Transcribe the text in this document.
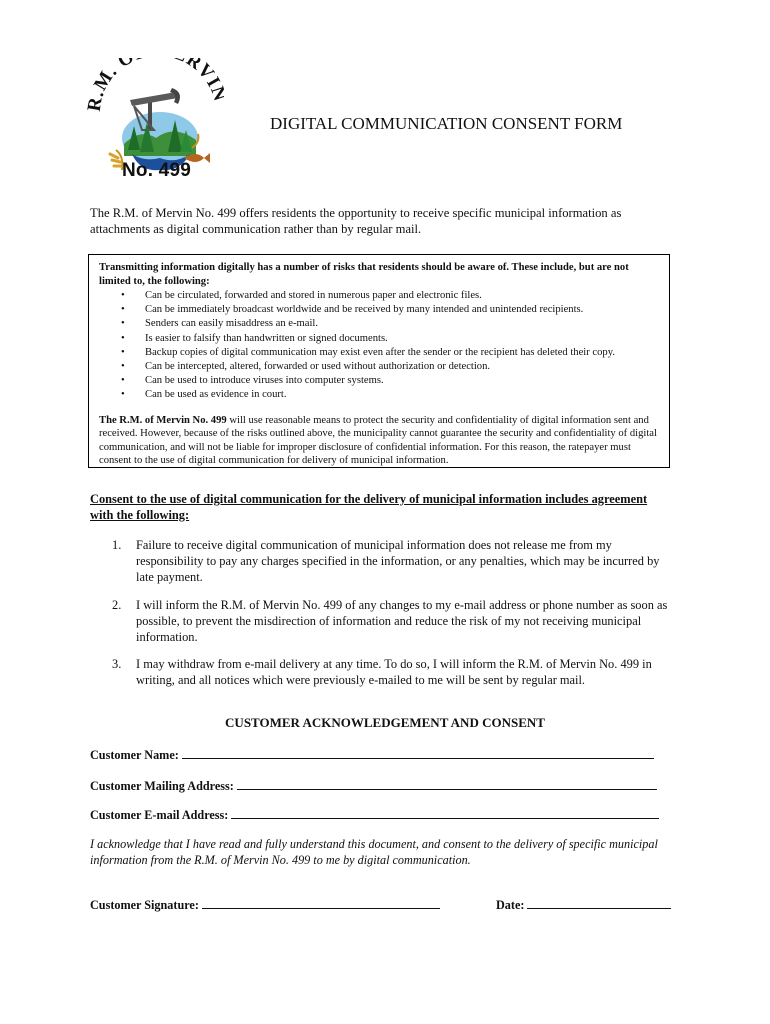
R.M. O RVI
No. 499
DIGITAL COMMUNICATION CONSENT FORM
The R.M. of Mervin No. 499 offers residents the opportunity to receive specific municipal information as attachments as digital communication rather than by regular mail.
Transmitting information digitally has a number of risks that residents should be aware of. These include, but are not limited to, the following:
• Can be circulated, forwarded and stored in numerous paper and electronic files.
• Can be immediately broadcast worldwide and be received by many intended and unintended recipients.
• Senders can easily misaddress an e-mail.
• Is easier to falsify than handwritten or signed documents.
• Backup copies of digital communication may exist even after the sender or the recipient has deleted their copy.
• Can be intercepted, altered, forwarded or used without authorization or detection.
• Can be used to introduce viruses into computer systems.
• Can be used as evidence in court.
The R.M. of Mervin No. 499 will use reasonable means to protect the security and confidentiality of digital information sent and received. However, because of the risks outlined above, the municipality cannot guarantee the security and confidentiality of digital communication, and will not be liable for improper disclosure of confidential information. For this reason, the ratepayer must consent to the use of digital communication for delivery of municipal information.
Consent to the use of digital communication for the delivery of municipal information includes agreement with the following:
1. Failure to receive digital communication of municipal information does not release me from my responsibility to pay any charges specified in the information, or any penalties, which may be incurred by late payment.
2. I will inform the R.M. of Mervin No. 499 of any changes to my e-mail address or phone number as soon as possible, to prevent the misdirection of information and reduce the risk of my not receiving municipal information.
3. I may withdraw from e-mail delivery at any time. To do so, I will inform the R.M. of Mervin No. 499 in writing, and all notices which were previously e-mailed to me will be sent by regular mail.
CUSTOMER ACKNOWLEDGEMENT AND CONSENT
Customer Name:
Customer Mailing Address:
Customer E-mail Address:
I acknowledge that I have read and fully understand this document, and consent to the delivery of specific municipal information from the R.M. of Mervin No. 499 to me by digital communication.
Customer Signature:	Date:
